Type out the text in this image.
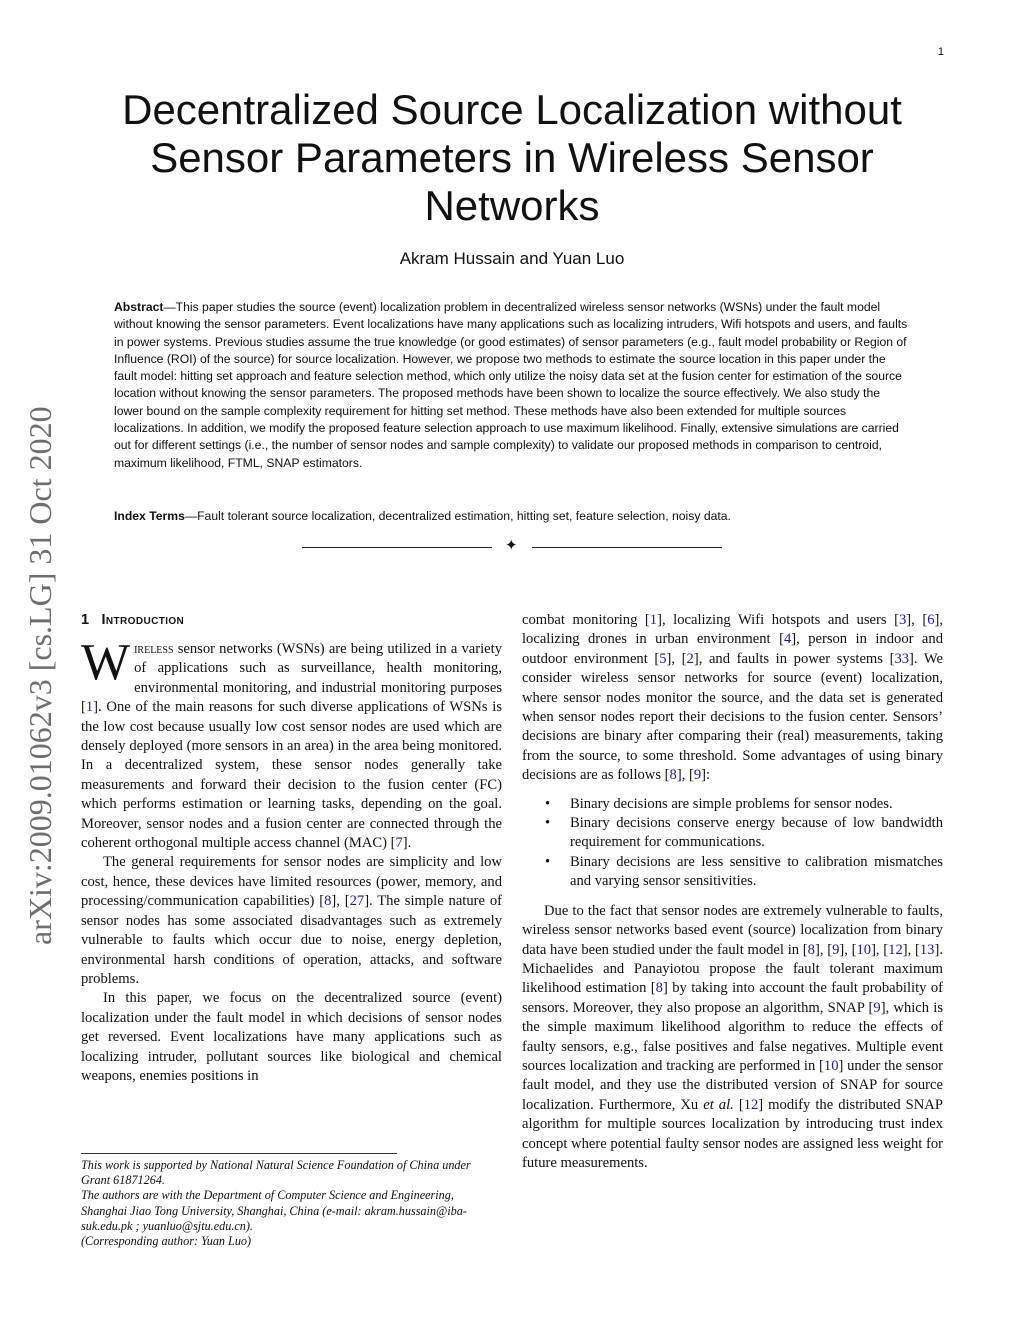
1
Decentralized Source Localization without Sensor Parameters in Wireless Sensor Networks
Akram Hussain and Yuan Luo

Abstract—This paper studies the source (event) localization problem in decentralized wireless sensor networks (WSNs) under the fault model without knowing the sensor parameters. Event localizations have many applications such as localizing intruders, Wifi hotspots and users, and faults in power systems. Previous studies assume the true knowledge (or good estimates) of sensor parameters (e.g., fault model probability or Region of Influence (ROI) of the source) for source localization. However, we propose two methods to estimate the source location in this paper under the fault model: hitting set approach and feature selection method, which only utilize the noisy data set at the fusion center for estimation of the source location without knowing the sensor parameters. The proposed methods have been shown to localize the source effectively. We also study the lower bound on the sample complexity requirement for hitting set method. These methods have also been extended for multiple sources localizations. In addition, we modify the proposed feature selection approach to use maximum likelihood. Finally, extensive simulations are carried out for different settings (i.e., the number of sensor nodes and sample complexity) to validate our proposed methods in comparison to centroid, maximum likelihood, FTML, SNAP estimators.

Index Terms—Fault tolerant source localization, decentralized estimation, hitting set, feature selection, noisy data.

✦
arXiv:2009.01062v3 [cs.LG] 31 Oct 2020 1 Introduction

Wireless sensor networks (WSNs) are being utilized in a variety of applications such as surveillance, health monitoring, environmental monitoring, and industrial monitoring purposes [1]. One of the main reasons for such diverse applications of WSNs is the low cost because usually low cost sensor nodes are used which are densely deployed (more sensors in an area) in the area being monitored. In a decentralized system, these sensor nodes generally take measurements and forward their decision to the fusion center (FC) which performs estimation or learning tasks, depending on the goal. Moreover, sensor nodes and a fusion center are connected through the coherent orthogonal multiple access channel (MAC) [7].

The general requirements for sensor nodes are simplicity and low cost, hence, these devices have limited resources (power, memory, and processing/communication capabilities) [8], [27]. The simple nature of sensor nodes has some associated disadvantages such as extremely vulnerable to faults which occur due to noise, energy depletion, environmental harsh conditions of operation, attacks, and software problems.

In this paper, we focus on the decentralized source (event) localization under the fault model in which decisions of sensor nodes get reversed. Event localizations have many applications such as localizing intruder, pollutant sources like biological and chemical weapons, enemies positions in

combat monitoring [1], localizing Wifi hotspots and users [3], [6], localizing drones in urban environment [4], person in indoor and outdoor environment [5], [2], and faults in power systems [33]. We consider wireless sensor networks for source (event) localization, where sensor nodes monitor the source, and the data set is generated when sensor nodes report their decisions to the fusion center. Sensors’ decisions are binary after comparing their (real) measurements, taking from the source, to some threshold. Some advantages of using binary decisions are as follows [8], [9]:

• Binary decisions are simple problems for sensor nodes.
• Binary decisions conserve energy because of low bandwidth requirement for communications.
• Binary decisions are less sensitive to calibration mismatches and varying sensor sensitivities.

Due to the fact that sensor nodes are extremely vulnerable to faults, wireless sensor networks based event (source) localization from binary data have been studied under the fault model in [8], [9], [10], [12], [13]. Michaelides and Panayiotou propose the fault tolerant maximum likelihood estimation [8] by taking into account the fault probability of sensors. Moreover, they also propose an algorithm, SNAP [9], which is the simple maximum likelihood algorithm to reduce the effects of faulty sensors, e.g., false positives and false negatives. Multiple event sources localization and tracking are performed in [10] under the sensor fault model, and they use the distributed version of SNAP for source localization. Furthermore, Xu et al. [12] modify the distributed SNAP algorithm for multiple sources localization by introducing trust index concept where potential faulty sensor nodes are assigned less weight for future measurements.

This work is supported by National Natural Science Foundation of China under Grant 61871264.

The authors are with the Department of Computer Science and Engineering, Shanghai Jiao Tong University, Shanghai, China (e-mail: akram.hussain@iba-suk.edu.pk ; yuanluo@sjtu.edu.cn).

(Corresponding author: Yuan Luo)
